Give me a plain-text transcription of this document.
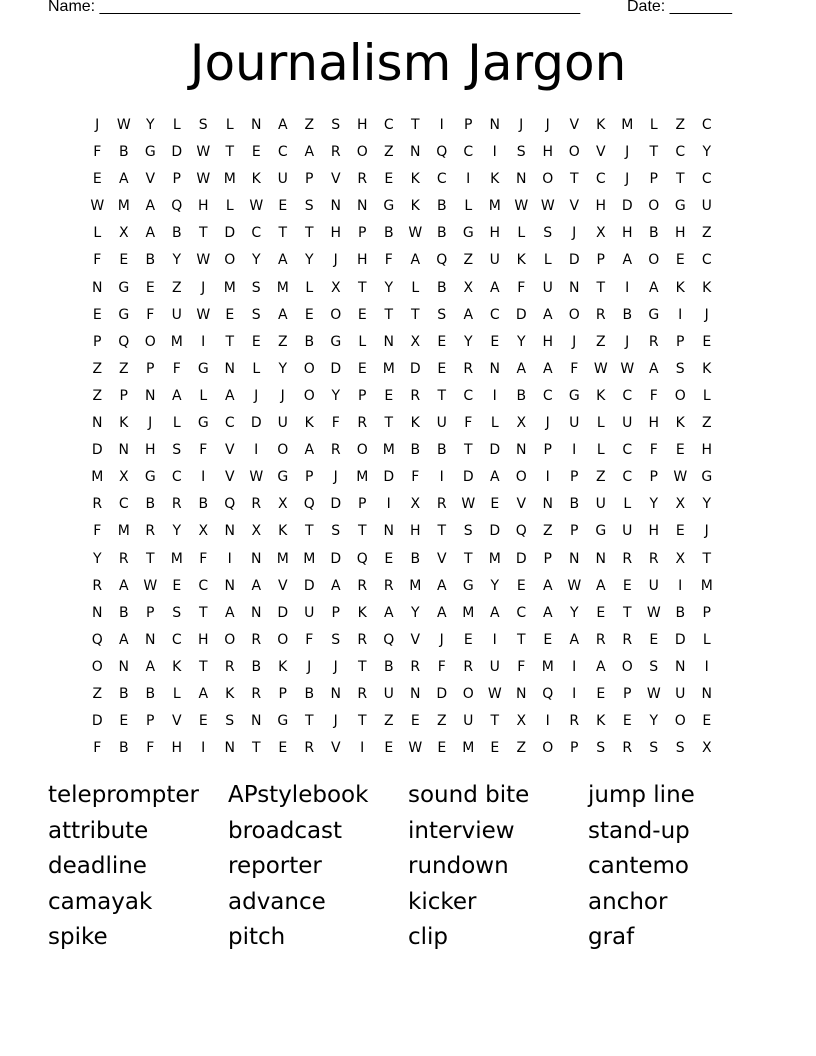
Name: ______________________________________________________	Date: _______
Journalism Jargon
J	W	Y	L	S	L	N	A	Z	S	H	C	T	I	P	N	J	J	V	K	M	L	Z	C
F	B	G	D	W	T	E	C	A	R	O	Z	N	Q	C	I	S	H	O	V	J	T	C	Y
E	A	V	P	W M	K	U	P	V	R	E	K	C	I	K	N	O	T	C	J	P	T	C
W M	A	Q	H	L	W	E	S	N	N	G	K	B	L	M W W	V	H	D	O	G	U
L	X	A	B	T	D	C	T	T	H	P	B	W	B	G	H	L	S	J	X	H	B	H	Z
F	E	B	Y	W	O	Y	A	Y	J	H	F	A	Q	Z	U	K	L	D	P	A	O	E	C
N	G	E	Z	J	M	S	M	L	X	T	Y	L	B	X	A	F	U	N	T	I	A	K	K
E	G	F	U	W	E	S	A	E	O	E	T	T	S	A	C	D	A	O	R	B	G	I	J
P	Q	O	M	I	T	E	Z	B	G	L	N	X	E	Y	E	Y	H	J	Z	J	R	P	E
Z	Z	P	F	G	N	L	Y	O	D	E	M	D	E	R	N	A	A	F	W W	A	S	K
Z	P	N	A	L	A	J	J	O	Y	P	E	R	T	C	I	B	C	G	K	C	F	O	L
N	K	J	L	G	C	D	U	K	F	R	T	K	U	F	L	X	J	U	L	U	H	K	Z
D	N	H	S	F	V	I	O	A	R	O	M	B	B	T	D	N	P	I	L	C	F	E	H
M	X	G	C	I	V	W	G	P	J	M	D	F	I	D	A	O	I	P	Z	C	P	W	G
R	C	B	R	B	Q	R	X	Q	D	P	I	X	R	W	E	V	N	B	U	L	Y	X	Y
F	M	R	Y	X	N	X	K	T	S	T	N	H	T	S	D	Q	Z	P	G	U	H	E	J
Y	R	T	M	F	I	N	M	M	D	Q	E	B	V	T	M	D	P	N	N	R	R	X	T
R	A	W	E	C	N	A	V	D	A	R	R	M	A	G	Y	E	A	W	A	E	U	I	M
N	B	P	S	T	A	N	D	U	P	K	A	Y	A	M	A	C	A	Y	E	T	W	B	P
Q	A	N	C	H	O	R	O	F	S	R	Q	V	J	E	I	T	E	A	R	R	E	D	L
O	N	A	K	T	R	B	K	J	J	T	B	R	F	R	U	F	M	I	A	O	S	N	I
Z	B	B	L	A	K	R	P	B	N	R	U	N	D	O	W	N	Q	I	E	P	W	U	N
D	E	P	V	E	S	N	G	T	J	T	Z	E	Z	U	T	X	I	R	K	E	Y	O	E
F	B	F	H	I	N	T	E	R	V	I	E	W	E	M	E	Z	O	P	S	R	S	S	X
teleprompter	APstylebook	sound bite	jump line
attribute	broadcast	interview	stand-up
deadline	reporter	rundown	cantemo
camayak	advance	kicker	anchor
spike	pitch	clip	graf
